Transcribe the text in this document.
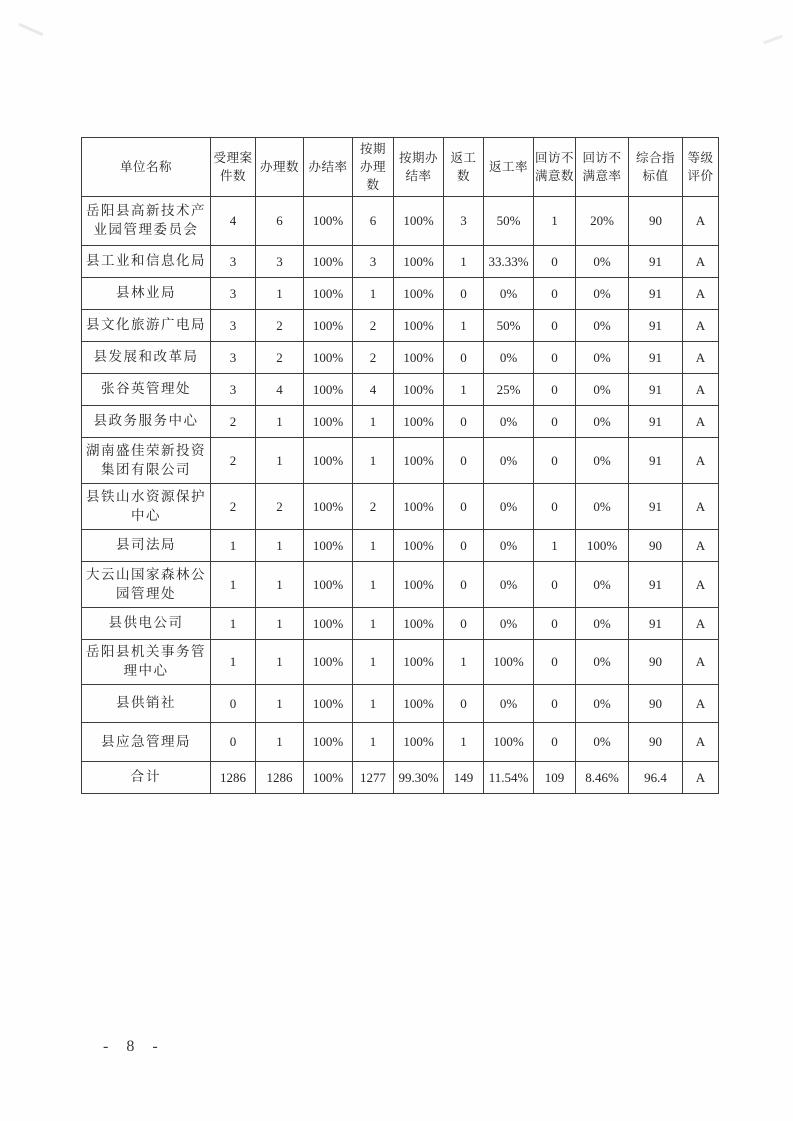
单位名称	受理案件数	办理数	办结率	按期办理数	按期办结率	返工数	返工率	回访不满意数	回访不满意率	综合指标值	等级评价
岳阳县高新技术产业园管理委员会	4	6	100%	6	100%	3	50%	1	20%	90	A
县工业和信息化局	3	3	100%	3	100%	1	33.33%	0	0%	91	A
县林业局	3	1	100%	1	100%	0	0%	0	0%	91	A
县文化旅游广电局	3	2	100%	2	100%	1	50%	0	0%	91	A
县发展和改革局	3	2	100%	2	100%	0	0%	0	0%	91	A
张谷英管理处	3	4	100%	4	100%	1	25%	0	0%	91	A
县政务服务中心	2	1	100%	1	100%	0	0%	0	0%	91	A
湖南盛佳荣新投资集团有限公司	2	1	100%	1	100%	0	0%	0	0%	91	A
县铁山水资源保护中心	2	2	100%	2	100%	0	0%	0	0%	91	A
县司法局	1	1	100%	1	100%	0	0%	1	100%	90	A
大云山国家森林公园管理处	1	1	100%	1	100%	0	0%	0	0%	91	A
县供电公司	1	1	100%	1	100%	0	0%	0	0%	91	A
岳阳县机关事务管理中心	1	1	100%	1	100%	1	100%	0	0%	90	A
县供销社	0	1	100%	1	100%	0	0%	0	0%	90	A
县应急管理局	0	1	100%	1	100%	1	100%	0	0%	90	A
合计	1286	1286	100%	1277	99.30%	149	11.54%	109	8.46%	96.4	A
- 8 -
